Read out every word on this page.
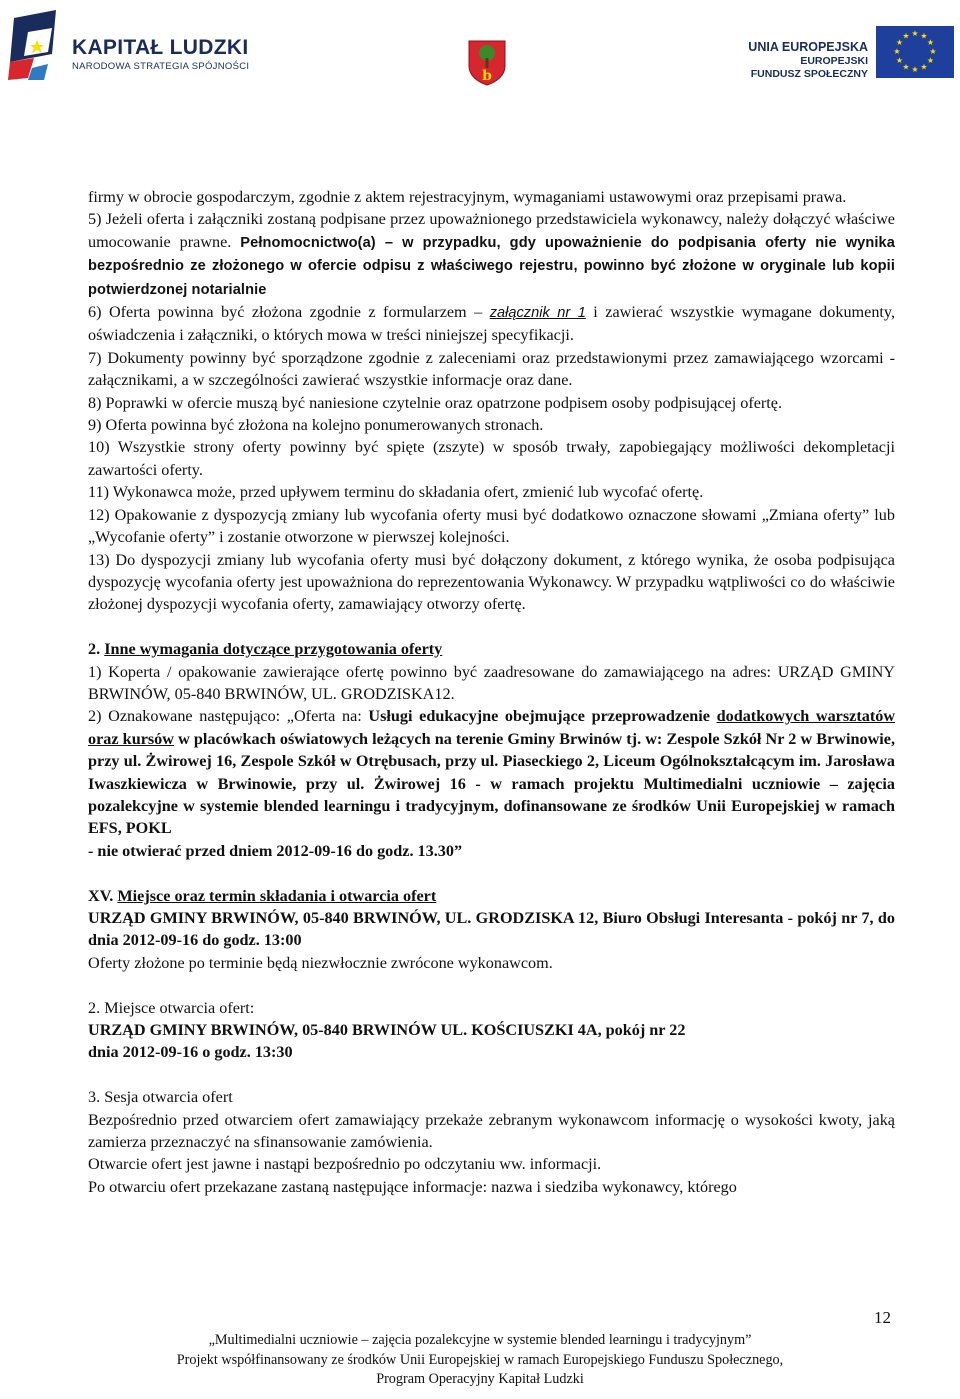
KAPITAŁ LUDZKI
NARODOWA STRATEGIA SPÓJNOŚCI
b
UNIA EUROPEJSKA
EUROPEJSKI
FUNDUSZ SPOŁECZNY
★ ★
★
★
★
★
★
★
★
★
★
★

firmy w obrocie gospodarczym, zgodnie z aktem rejestracyjnym, wymaganiami ustawowymi oraz przepisami prawa.

5) Jeżeli oferta i załączniki zostaną podpisane przez upoważnionego przedstawiciela wykonawcy, należy dołączyć właściwe umocowanie prawne. Pełnomocnictwo(a) – w przypadku, gdy upoważnienie do podpisania oferty nie wynika bezpośrednio ze złożonego w ofercie odpisu z właściwego rejestru, powinno być złożone w oryginale lub kopii potwierdzonej notarialnie

6) Oferta powinna być złożona zgodnie z formularzem – załącznik nr 1 i zawierać wszystkie wymagane dokumenty, oświadczenia i załączniki, o których mowa w treści niniejszej specyfikacji.

7) Dokumenty powinny być sporządzone zgodnie z zaleceniami oraz przedstawionymi przez zamawiającego wzorcami - załącznikami, a w szczególności zawierać wszystkie informacje oraz dane.

8) Poprawki w ofercie muszą być naniesione czytelnie oraz opatrzone podpisem osoby podpisującej ofertę.

9) Oferta powinna być złożona na kolejno ponumerowanych stronach.

10) Wszystkie strony oferty powinny być spięte (zszyte) w sposób trwały, zapobiegający możliwości dekompletacji zawartości oferty.

11) Wykonawca może, przed upływem terminu do składania ofert, zmienić lub wycofać ofertę.

12) Opakowanie z dyspozycją zmiany lub wycofania oferty musi być dodatkowo oznaczone słowami „Zmiana oferty” lub „Wycofanie oferty” i zostanie otworzone w pierwszej kolejności.

13) Do dyspozycji zmiany lub wycofania oferty musi być dołączony dokument, z którego wynika, że osoba podpisująca dyspozycję wycofania oferty jest upoważniona do reprezentowania Wykonawcy. W przypadku wątpliwości co do właściwie złożonej dyspozycji wycofania oferty, zamawiający otworzy ofertę.

2. Inne wymagania dotyczące przygotowania oferty

1) Koperta / opakowanie zawierające ofertę powinno być zaadresowane do zamawiającego na adres: URZĄD GMINY BRWINÓW, 05-840 BRWINÓW, UL. GRODZISKA12.

2) Oznakowane następująco: „Oferta na: Usługi edukacyjne obejmujące przeprowadzenie dodatkowych warsztatów oraz kursów w placówkach oświatowych leżących na terenie Gminy Brwinów tj. w: Zespole Szkół Nr 2 w Brwinowie, przy ul. Żwirowej 16, Zespole Szkół w Otrębusach, przy ul. Piaseckiego 2, Liceum Ogólnokształcącym im. Jarosława Iwaszkiewicza w Brwinowie, przy ul. Żwirowej 16 - w ramach projektu Multimedialni uczniowie – zajęcia pozalekcyjne w systemie blended learningu i tradycyjnym, dofinansowane ze środków Unii Europejskiej w ramach EFS, POKL

- nie otwierać przed dniem 2012-09-16 do godz. 13.30”

XV. Miejsce oraz termin składania i otwarcia ofert

URZĄD GMINY BRWINÓW, 05-840 BRWINÓW, UL. GRODZISKA 12, Biuro Obsługi Interesanta - pokój nr 7, do dnia 2012-09-16 do godz. 13:00

Oferty złożone po terminie będą niezwłocznie zwrócone wykonawcom.

2. Miejsce otwarcia ofert:

URZĄD GMINY BRWINÓW, 05-840 BRWINÓW UL. KOŚCIUSZKI 4A, pokój nr 22

dnia 2012-09-16 o godz. 13:30

3. Sesja otwarcia ofert

Bezpośrednio przed otwarciem ofert zamawiający przekaże zebranym wykonawcom informację o wysokości kwoty, jaką zamierza przeznaczyć na sfinansowanie zamówienia.

Otwarcie ofert jest jawne i nastąpi bezpośrednio po odczytaniu ww. informacji.

Po otwarciu ofert przekazane zastaną następujące informacje: nazwa i siedziba wykonawcy, którego

12
„Multimedialni uczniowie – zajęcia pozalekcyjne w systemie blended learningu i tradycyjnym”
Projekt współfinansowany ze środków Unii Europejskiej w ramach Europejskiego Funduszu Społecznego,
Program Operacyjny Kapitał Ludzki
